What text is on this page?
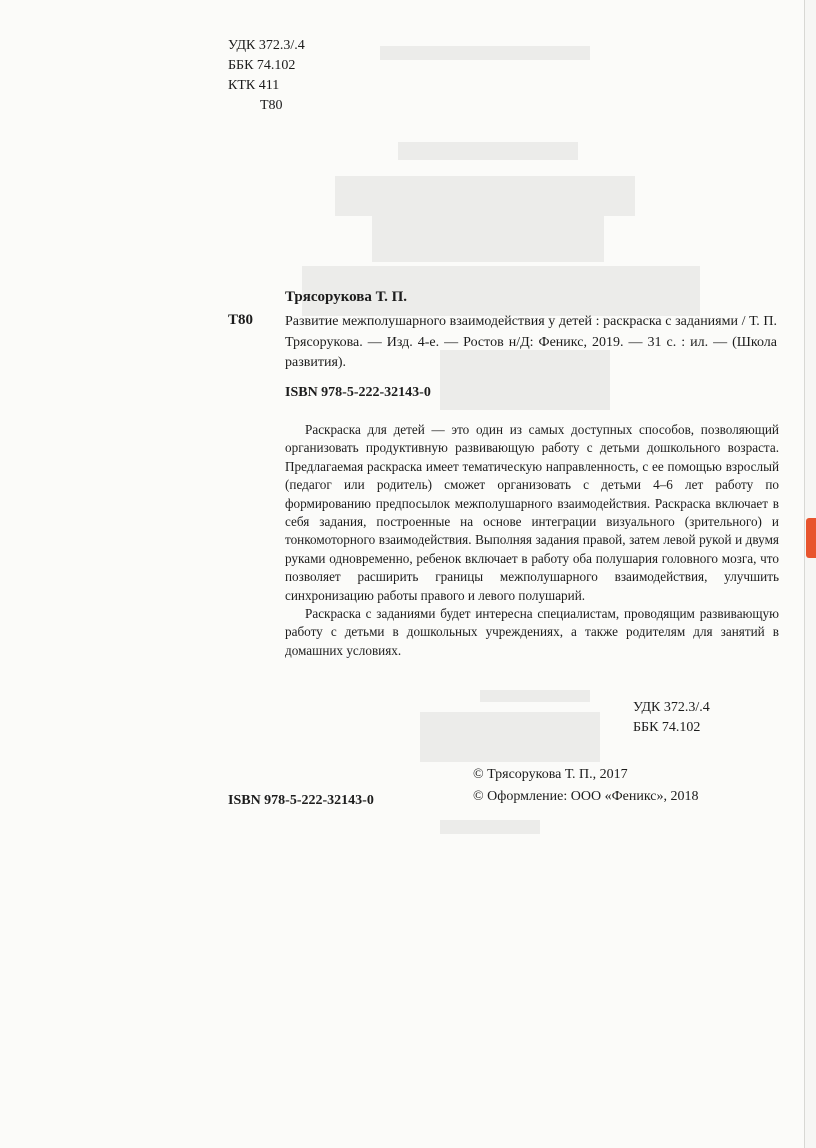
УДК 372.3/.4
ББК 74.102
КТК 411
Т80
Трясорукова Т. П.
Т80 Развитие межполушарного взаимодействия у детей : раскраска с заданиями / Т. П. Трясорукова. — Изд. 4-е. — Ростов н/Д: Феникс, 2019. — 31 с. : ил. — (Школа развития).
ISBN 978-5-222-32143-0

Раскраска для детей — это один из самых доступных способов, позволяющий организовать продуктивную развивающую работу с детьми дошкольного возраста. Предлагаемая раскраска имеет тематическую направленность, с ее помощью взрослый (педагог или родитель) сможет организовать с детьми 4–6 лет работу по формированию предпосылок межполушарного взаимодействия. Раскраска включает в себя задания, построенные на основе интеграции визуального (зрительного) и тонкомоторного взаимодействия. Выполняя задания правой, затем левой рукой и двумя руками одновременно, ребенок включает в работу оба полушария головного мозга, что позволяет расширить границы межполушарного взаимодействия, улучшить синхронизацию работы правого и левого полушарий.

Раскраска с заданиями будет интересна специалистам, проводящим развивающую работу с детьми в дошкольных учреждениях, а также родителям для занятий в домашних условиях.

УДК 372.3/.4
ББК 74.102
© Трясорукова Т. П., 2017
© Оформление: ООО «Феникс», 2018
ISBN 978-5-222-32143-0
